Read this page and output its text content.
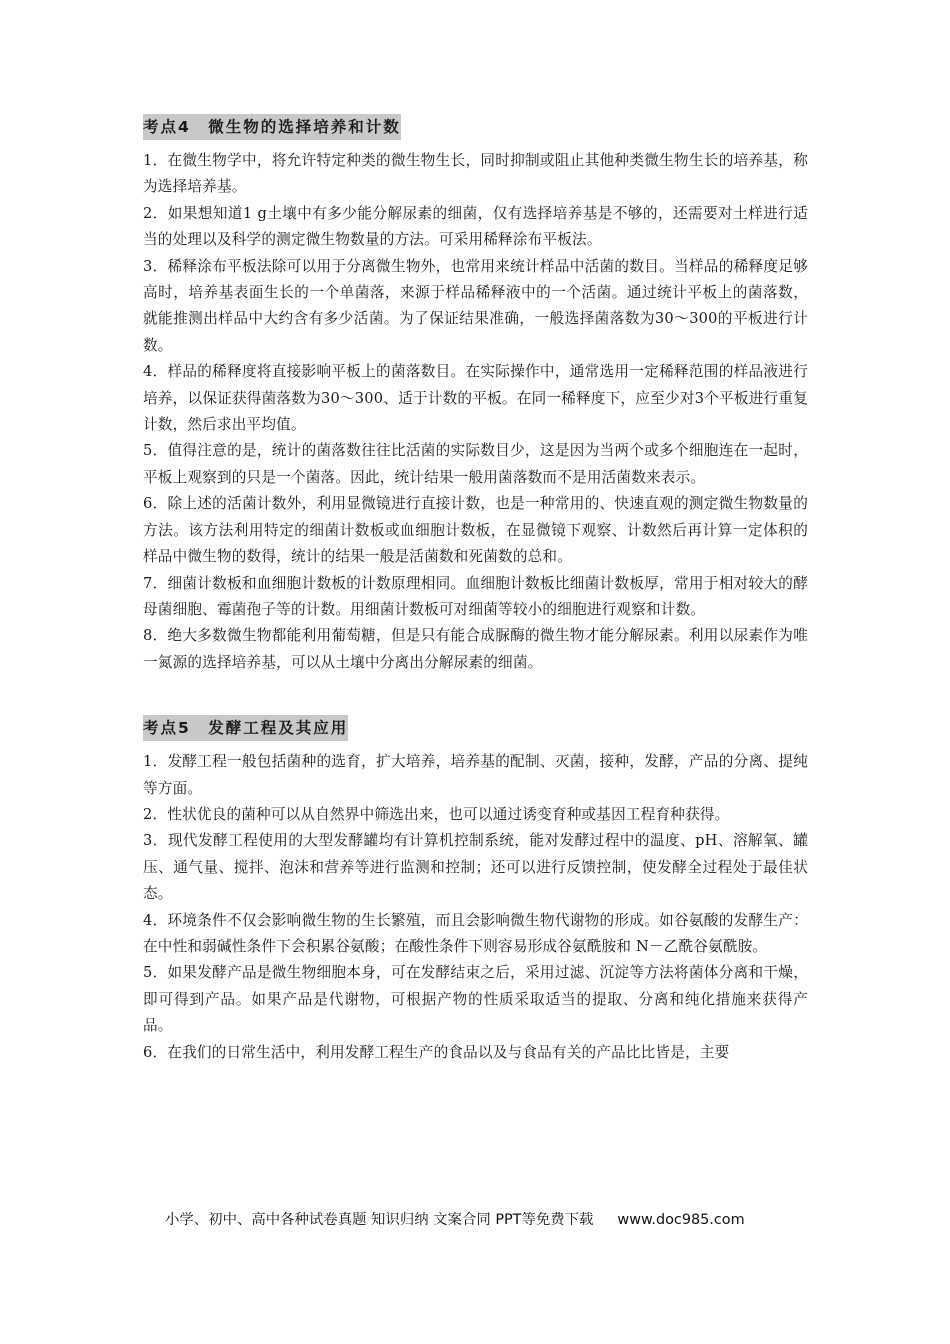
考点4　微生物的选择培养和计数

1．在微生物学中，将允许特定种类的微生物生长，同时抑制或阻止其他种类微生物生长的培养基，称为选择培养基。

2．如果想知道1 g土壤中有多少能分解尿素的细菌，仅有选择培养基是不够的，还需要对土样进行适当的处理以及科学的测定微生物数量的方法。可采用稀释涂布平板法。

3．稀释涂布平板法除可以用于分离微生物外，也常用来统计样品中活菌的数目。当样品的稀释度足够高时，培养基表面生长的一个单菌落，来源于样品稀释液中的一个活菌。通过统计平板上的菌落数，就能推测出样品中大约含有多少活菌。为了保证结果准确，一般选择菌落数为30～300的平板进行计数。

4．样品的稀释度将直接影响平板上的菌落数目。在实际操作中，通常选用一定稀释范围的样品液进行培养，以保证获得菌落数为30～300、适于计数的平板。在同一稀释度下，应至少对3个平板进行重复计数，然后求出平均值。

5．值得注意的是，统计的菌落数往往比活菌的实际数目少，这是因为当两个或多个细胞连在一起时，平板上观察到的只是一个菌落。因此，统计结果一般用菌落数而不是用活菌数来表示。

6．除上述的活菌计数外，利用显微镜进行直接计数，也是一种常用的、快速直观的测定微生物数量的方法。该方法利用特定的细菌计数板或血细胞计数板，在显微镜下观察、计数然后再计算一定体积的样品中微生物的数得，统计的结果一般是活菌数和死菌数的总和。

7．细菌计数板和血细胞计数板的计数原理相同。血细胞计数板比细菌计数板厚，常用于相对较大的酵母菌细胞、霉菌孢子等的计数。用细菌计数板可对细菌等较小的细胞进行观察和计数。

8．绝大多数微生物都能利用葡萄糖，但是只有能合成脲酶的微生物才能分解尿素。利用以尿素作为唯一氮源的选择培养基，可以从土壤中分离出分解尿素的细菌。

考点5　发酵工程及其应用

1．发酵工程一般包括菌种的选育，扩大培养，培养基的配制、灭菌，接种，发酵，产品的分离、提纯等方面。

2．性状优良的菌种可以从自然界中筛选出来，也可以通过诱变育种或基因工程育种获得。

3．现代发酵工程使用的大型发酵罐均有计算机控制系统，能对发酵过程中的温度、pH、溶解氧、罐压、通气量、搅拌、泡沫和营养等进行监测和控制；还可以进行反馈控制，使发酵全过程处于最佳状态。

4．环境条件不仅会影响微生物的生长繁殖，而且会影响微生物代谢物的形成。如谷氨酸的发酵生产：在中性和弱碱性条件下会积累谷氨酸；在酸性条件下则容易形成谷氨酰胺和 N－乙酰谷氨酰胺。

5．如果发酵产品是微生物细胞本身，可在发酵结束之后，采用过滤、沉淀等方法将菌体分离和干燥，即可得到产品。如果产品是代谢物，可根据产物的性质采取适当的提取、分离和纯化措施来获得产品。

6．在我们的日常生活中，利用发酵工程生产的食品以及与食品有关的产品比比皆是，主要

小学、初中、高中各种试卷真题 知识归纳 文案合同 PPT等免费下载 www.doc985.com
